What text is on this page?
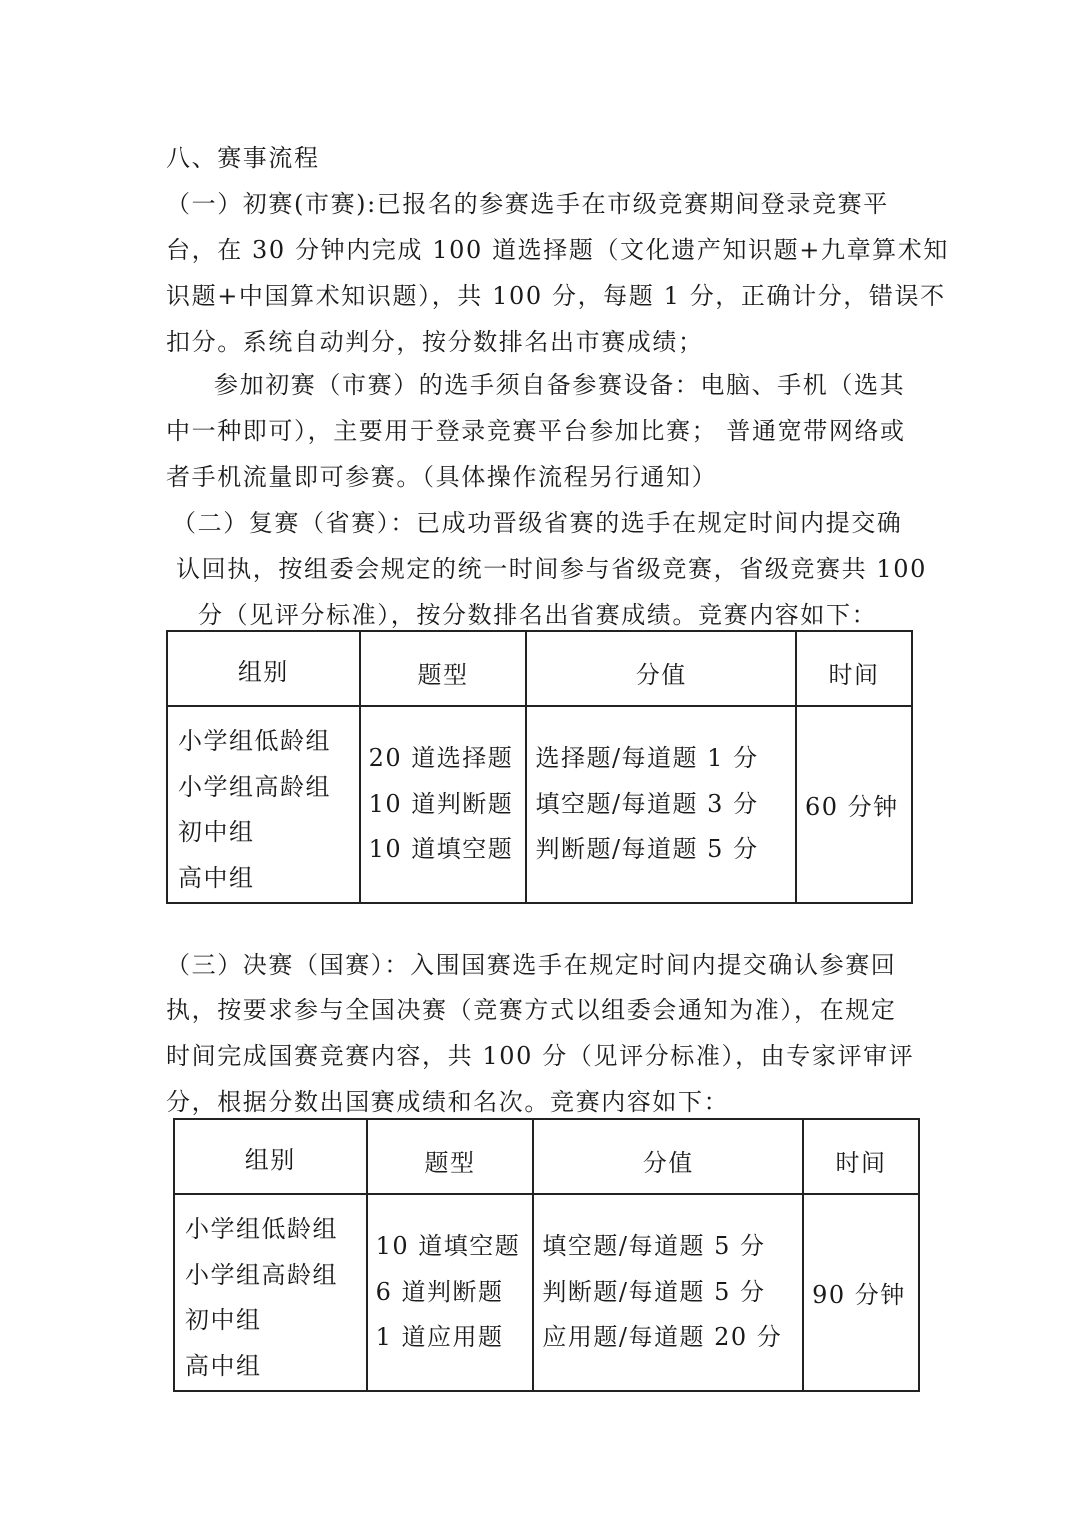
八、赛事流程
（一）初赛(市赛):已报名的参赛选手在市级竞赛期间登录竞赛平
台，在 30 分钟内完成 100 道选择题（文化遗产知识题+九章算术知
识题+中国算术知识题），共 100 分，每题 1 分，正确计分，错误不
扣分。系统自动判分，按分数排名出市赛成绩；
参加初赛（市赛）的选手须自备参赛设备：电脑、手机（选其
中一种即可），主要用于登录竞赛平台参加比赛； 普通宽带网络或
者手机流量即可参赛。（具体操作流程另行通知）
（二）复赛（省赛）：已成功晋级省赛的选手在规定时间内提交确
认回执，按组委会规定的统一时间参与省级竞赛，省级竞赛共 100
分（见评分标准），按分数排名出省赛成绩。竞赛内容如下：
组别	题型	分值	时间

小学组低龄组
小学组高龄组
初中组
高中组	20 道选择题
10 道判断题
10 道填空题	选择题/每道题 1 分
填空题/每道题 3 分
判断题/每道题 5 分	60 分钟
（三）决赛（国赛）：入围国赛选手在规定时间内提交确认参赛回
执，按要求参与全国决赛（竞赛方式以组委会通知为准），在规定
时间完成国赛竞赛内容，共 100 分（见评分标准），由专家评审评
分，根据分数出国赛成绩和名次。竞赛内容如下：
组别	题型	分值	时间

小学组低龄组
小学组高龄组
初中组
高中组	10 道填空题
6 道判断题
1 道应用题	填空题/每道题 5 分
判断题/每道题 5 分
应用题/每道题 20 分	90 分钟
